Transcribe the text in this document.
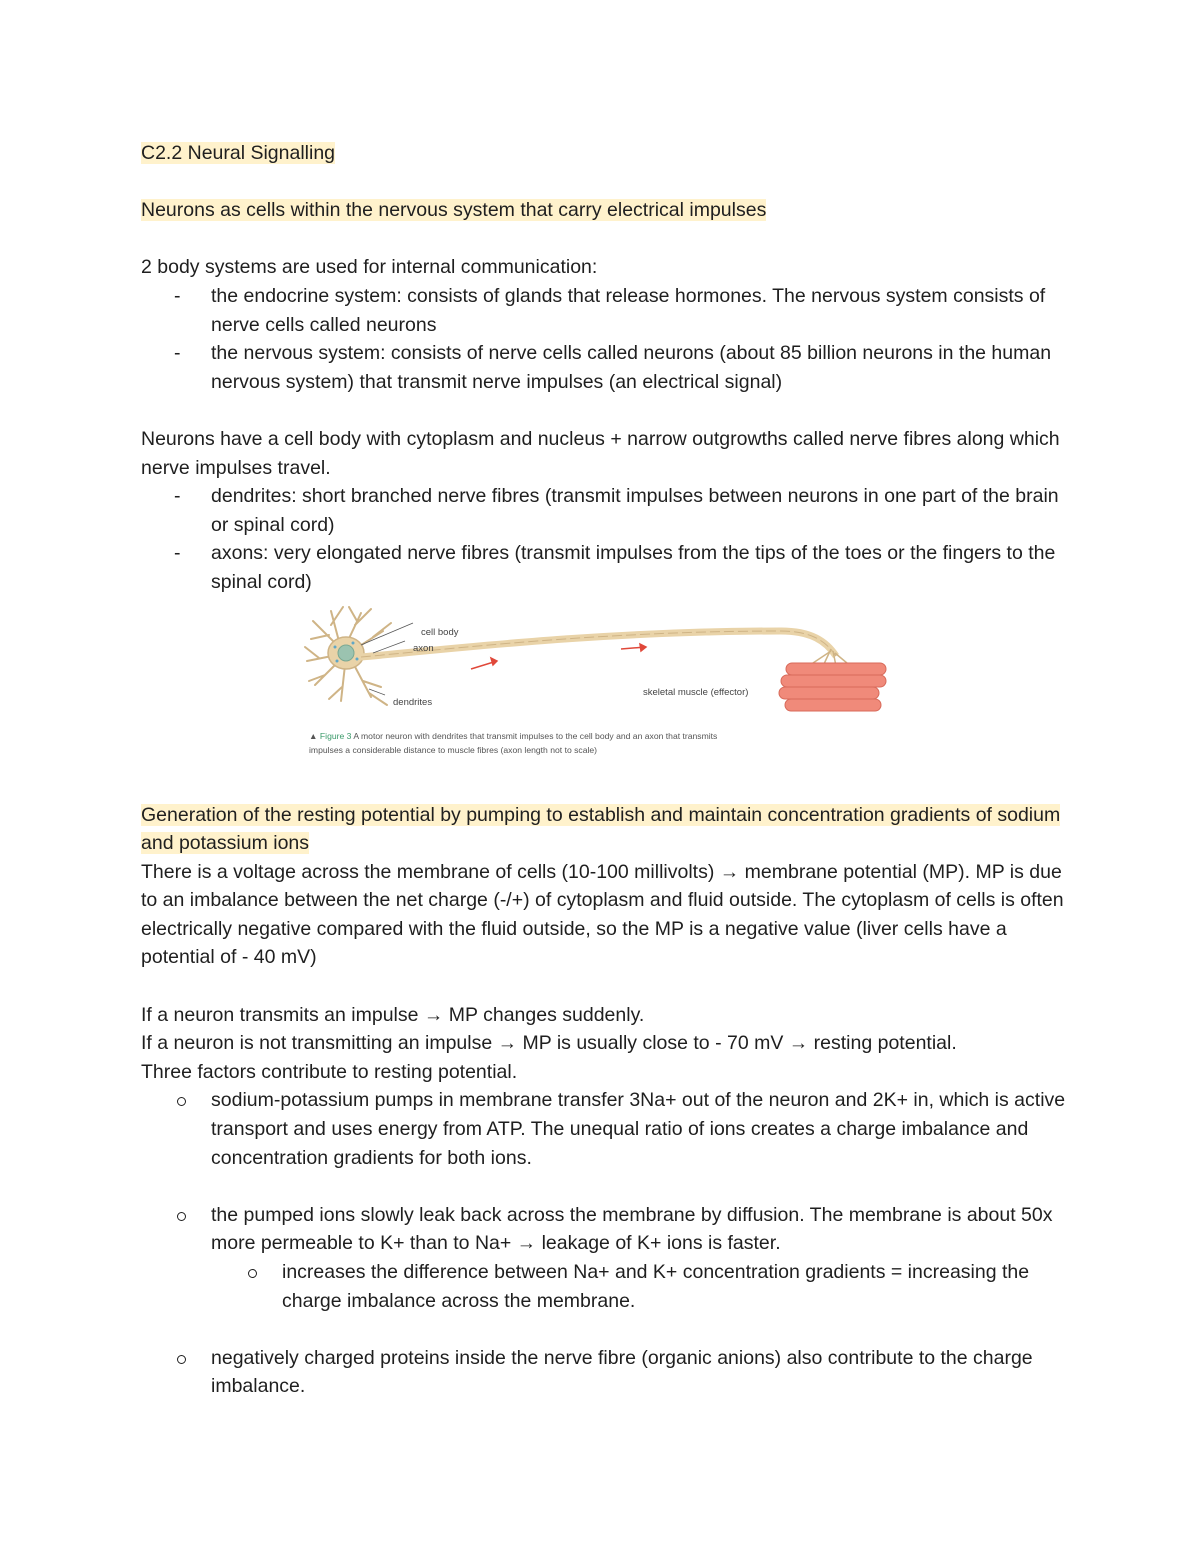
C2.2 Neural Signalling

Neurons as cells within the nervous system that carry electrical impulses

2 body systems are used for internal communication:

- the endocrine system: consists of glands that release hormones. The nervous system consists of nerve cells called neurons
- the nervous system: consists of nerve cells called neurons (about 85 billion neurons in the human nervous system) that transmit nerve impulses (an electrical signal)

Neurons have a cell body with cytoplasm and nucleus + narrow outgrowths called nerve fibres along which nerve impulses travel.

- dendrites: short branched nerve fibres (transmit impulses between neurons in one part of the brain or spinal cord)
- axons: very elongated nerve fibres (transmit impulses from the tips of the toes or the fingers to the spinal cord)
cell body
axon
dendrites
skeletal muscle (effector)
▲ Figure 3 A motor neuron with dendrites that transmit impulses to the cell body and an axon that transmits impulses a considerable distance to muscle fibres (axon length not to scale)

Generation of the resting potential by pumping to establish and maintain concentration gradients of sodium and potassium ions

There is a voltage across the membrane of cells (10-100 millivolts) → membrane potential (MP). MP is due to an imbalance between the net charge (-/+) of cytoplasm and fluid outside. The cytoplasm of cells is often electrically negative compared with the fluid outside, so the MP is a negative value (liver cells have a potential of - 40 mV)

If a neuron transmits an impulse → MP changes suddenly.

If a neuron is not transmitting an impulse → MP is usually close to - 70 mV → resting potential.

Three factors contribute to resting potential.

sodium-potassium pumps in membrane transfer 3Na+ out of the neuron and 2K+ in, which is active transport and uses energy from ATP. The unequal ratio of ions creates a charge imbalance and concentration gradients for both ions.
the pumped ions slowly leak back across the membrane by diffusion. The membrane is about 50x more permeable to K+ than to Na+ → leakage of K+ ions is faster.
increases the difference between Na+ and K+ concentration gradients = increasing the charge imbalance across the membrane.
negatively charged proteins inside the nerve fibre (organic anions) also contribute to the charge imbalance.
